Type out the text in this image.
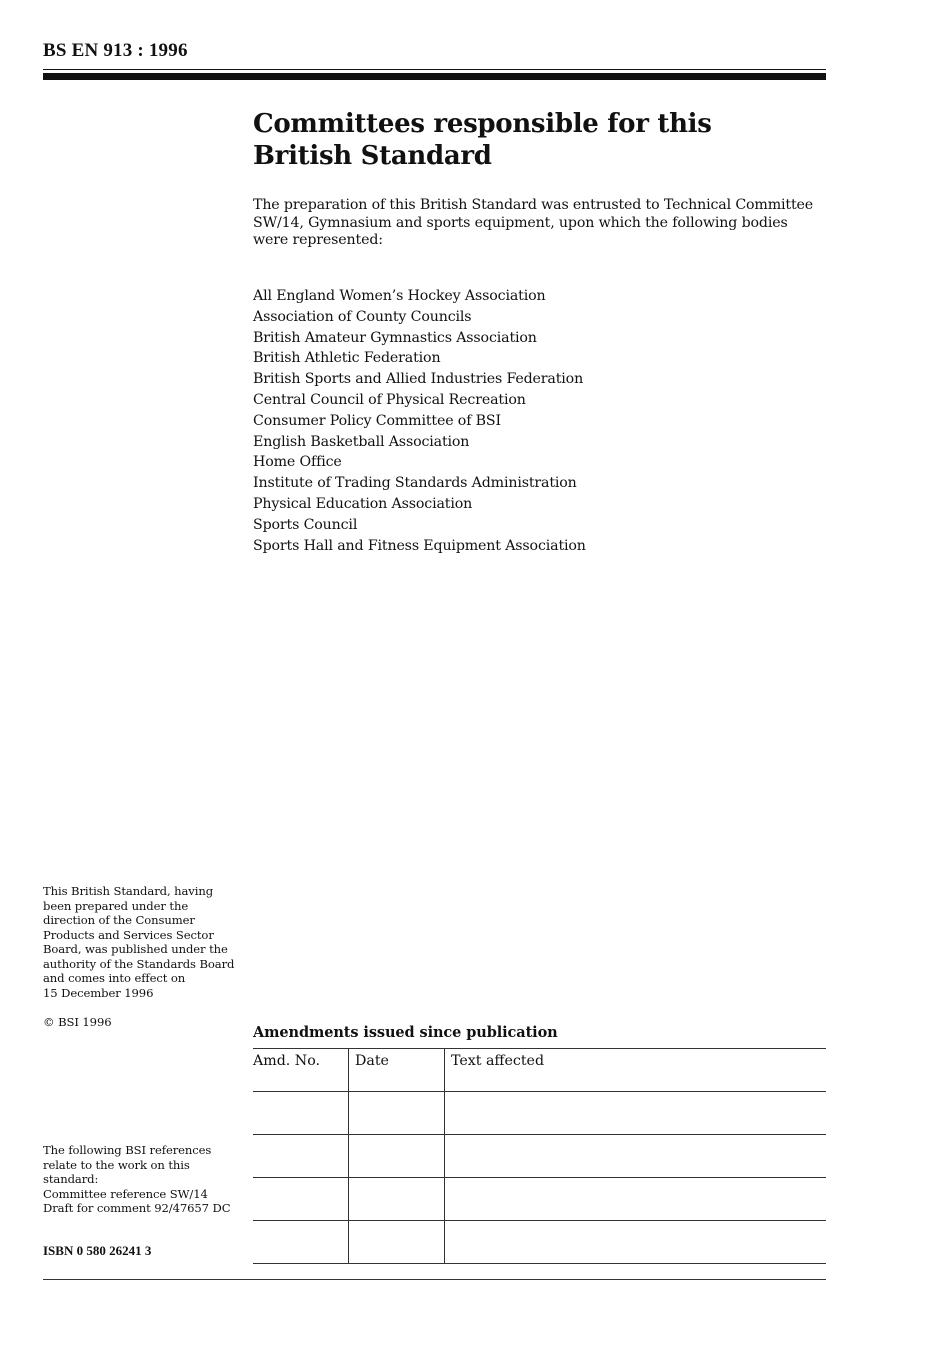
BS EN 913 : 1996
Committees responsible for this
British Standard

The preparation of this British Standard was entrusted to Technical Committee SW/14, Gymnasium and sports equipment, upon which the following bodies were represented:

All England Women’s Hockey Association
Association of County Councils
British Amateur Gymnastics Association
British Athletic Federation
British Sports and Allied Industries Federation
Central Council of Physical Recreation
Consumer Policy Committee of BSI
English Basketball Association
Home Office
Institute of Trading Standards Administration
Physical Education Association
Sports Council
Sports Hall and Fitness Equipment Association

This British Standard, having
been prepared under the
direction of the Consumer
Products and Services Sector
Board, was published under the
authority of the Standards Board
and comes into effect on
15 December 1996

© BSI 1996

The following BSI references
relate to the work on this
standard:
Committee reference SW/14
Draft for comment 92/47657 DC

ISBN 0 580 26241 3
Amendments issued since publication
Amd. No.	Date	Text affected
